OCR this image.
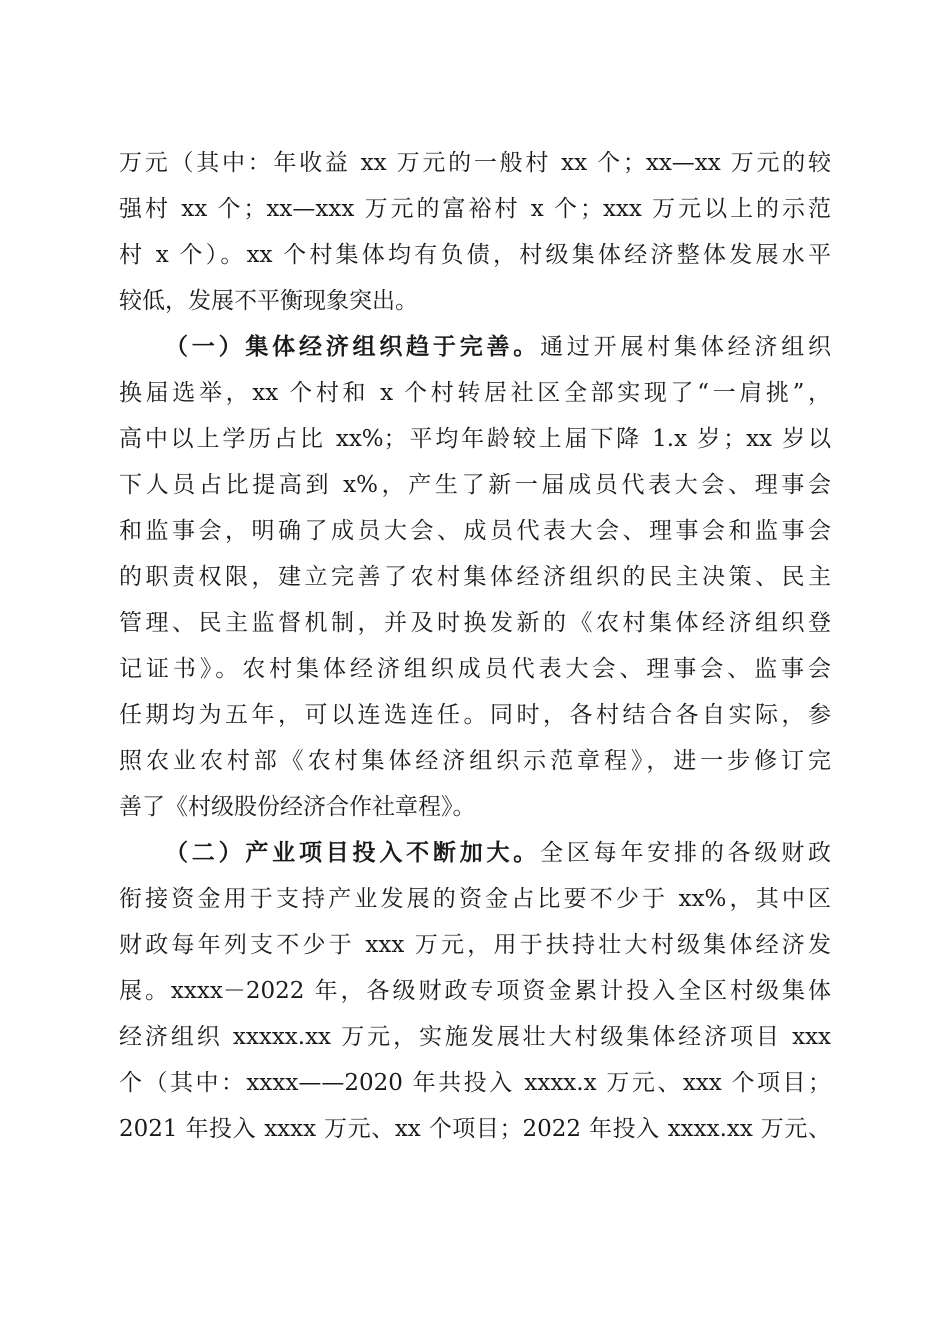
万元（其中：年收益 xx 万元的一般村 xx 个；xx—xx 万元的较
强村 xx 个；xx—xxx 万元的富裕村 x 个；xxx 万元以上的示范
村 x 个）。xx 个村集体均有负债，村级集体经济整体发展水平
较低，发展不平衡现象突出。
（一）集体经济组织趋于完善。通过开展村集体经济组织
换届选举，xx 个村和 x 个村转居社区全部实现了“一肩挑”，
高中以上学历占比 xx%；平均年龄较上届下降 1.x 岁；xx 岁以
下人员占比提高到 x%，产生了新一届成员代表大会、理事会
和监事会，明确了成员大会、成员代表大会、理事会和监事会
的职责权限，建立完善了农村集体经济组织的民主决策、民主
管理、民主监督机制，并及时换发新的《农村集体经济组织登
记证书》。农村集体经济组织成员代表大会、理事会、监事会
任期均为五年，可以连选连任。同时，各村结合各自实际，参
照农业农村部《农村集体经济组织示范章程》，进一步修订完
善了《村级股份经济合作社章程》。
（二）产业项目投入不断加大。全区每年安排的各级财政
衔接资金用于支持产业发展的资金占比要不少于 xx%，其中区
财政每年列支不少于 xxx 万元，用于扶持壮大村级集体经济发
展。xxxx－2022 年，各级财政专项资金累计投入全区村级集体
经济组织 xxxxx.xx 万元，实施发展壮大村级集体经济项目 xxx
个（其中：xxxx——2020 年共投入 xxxx.x 万元、xxx 个项目；
2021 年投入 xxxx 万元、xx 个项目；2022 年投入 xxxx.xx 万元、
